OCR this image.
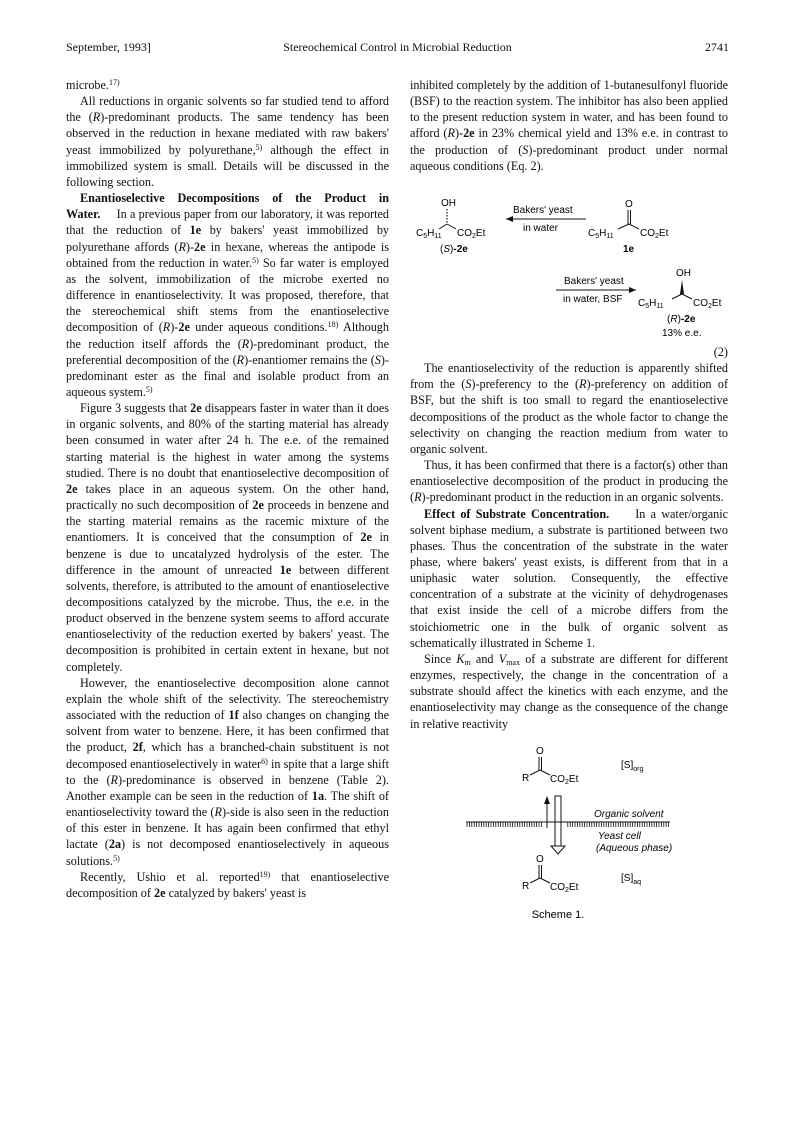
September, 1993]	Stereochemical Control in Microbial Reduction	2741

microbe.$^{17)}$

All reductions in organic solvents so far studied tend to afford the (R)-predominant products. The same tendency has been observed in the reduction in hexane mediated with raw bakers' yeast immobilized by polyurethane,$^{5)}$ although the effect in immobilized system is small. Details will be discussed in the following section.

Enantioselective Decompositions of the Product in Water.     In a previous paper from our laboratory, it was reported that the reduction of 1e by bakers' yeast immobilized by polyurethane affords (R)-2e in hexane, whereas the antipode is obtained from the reduction in water.$^{5)}$ So far water is employed as the solvent, immobilization of the microbe exerted no difference in enantioselectivity. It was proposed, therefore, that the stereochemical shift stems from the enantioselective decomposition of (R)-2e under aqueous conditions.$^{18)}$ Although the reduction itself affords the (R)-predominant product, the preferential decomposition of the (R)-enantiomer remains the (S)-predominant ester as the final and isolable product from an aqueous system.$^{5)}$

Figure 3 suggests that 2e disappears faster in water than it does in organic solvents, and 80% of the starting material has already been consumed in water after 24 h. The e.e. of the remained starting material is the highest in water among the systems studied. There is no doubt that enantioselective decomposition of 2e takes place in an aqueous system. On the other hand, practically no such decomposition of 2e proceeds in benzene and the starting material remains as the racemic mixture of the enantiomers. It is conceived that the consumption of 2e in benzene is due to uncatalyzed hydrolysis of the ester. The difference in the amount of unreacted 1e between different solvents, therefore, is attributed to the amount of enantioselective decompositions catalyzed by the microbe. Thus, the e.e. in the product observed in the benzene system seems to afford accurate enantioselectivity of the reduction exerted by bakers' yeast. The decomposition is prohibited in certain extent in hexane, but not completely.

However, the enantioselective decomposition alone cannot explain the whole shift of the selectivity. The stereochemistry associated with the reduction of 1f also changes on changing the solvent from water to benzene. Here, it has been confirmed that the product, 2f, which has a branched-chain substituent is not decomposed enantioselectively in water$^{6)}$ in spite that a large shift to the (R)-predominance is observed in benzene (Table 2). Another example can be seen in the reduction of 1a. The shift of enantioselectivity toward the (R)-side is also seen in the reduction of this ester in benzene. It has again been confirmed that ethyl lactate (2a) is not decomposed enantioselectively in aqueous solutions.$^{5)}$

Recently, Ushio et al. reported$^{19)}$ that enantioselective decomposition of 2e catalyzed by bakers' yeast is

inhibited completely by the addition of 1-butanesulfonyl fluoride (BSF) to the reaction system. The inhibitor has also been applied to the present reduction system in water, and has been found to afford (R)-2e in 23% chemical yield and 13% e.e. in contrast to the production of (S)-predominant product under normal aqueous conditions (Eq. 2).

OH
$C_5H_{11}$ $CO_2Et$
(S)-2e
Bakers' yeast
in water
O
$C_5H_{11}$	$CO_2Et$
1e
Bakers' yeast
in water, BSF
OH
$C_5H_{11}$	$CO_2Et$
(R)-2e
13% e.e.

(2)

The enantioselectivity of the reduction is apparently shifted from the (S)-preferency to the (R)-preferency on addition of BSF, but the shift is too small to regard the enantioselective decompositions of the product as the whole factor to change the selectivity on changing the reaction medium from water to organic solvent.

Thus, it has been confirmed that there is a factor(s) other than enantioselective decomposition of the product in producing the (R)-predominant product in the reduction in an organic solvents.

Effect of Substrate Concentration.     In a water/organic solvent biphase medium, a substrate is partitioned between two phases. Thus the concentration of the substrate in the water phase, where bakers' yeast exists, is different from that in a uniphasic water solution. Consequently, the effective concentration of a substrate at the vicinity of dehydrogenases that exist inside the cell of a microbe differs from the stoichiometric one in the bulk of organic solvent as schematically illustrated in Scheme 1.

Since $K_m$ and $V_{max}$ of a substrate are different for different enzymes, respectively, the change in the concentration of a substrate should affect the kinetics with each enzyme, and the enantioselectivity may change as the consequence of the change in relative reactivity

O
R $CO_2Et$
$[S]_{org}$
Organic solvent
Yeast cell
(Aqueous phase)
O
R $CO_2Et$
$[S]_{aq}$
Scheme 1.
